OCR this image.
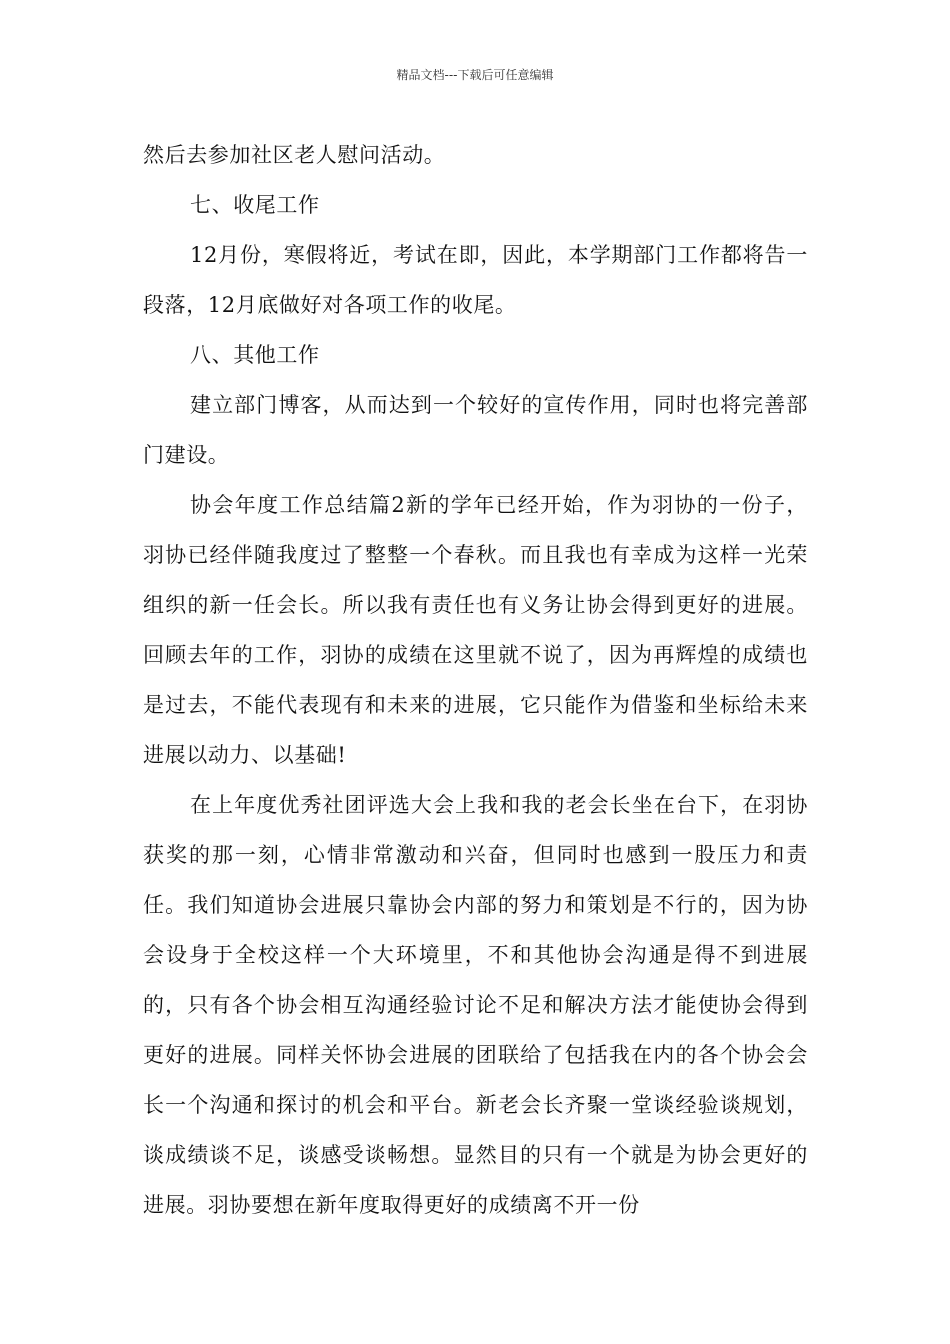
精品文档---下载后可任意编辑

然后去参加社区老人慰问活动。

七、收尾工作

12月份，寒假将近，考试在即，因此，本学期部门工作都将告一段落，12月底做好对各项工作的收尾。

八、其他工作

建立部门博客，从而达到一个较好的宣传作用，同时也将完善部门建设。

协会年度工作总结篇2新的学年已经开始，作为羽协的一份子，羽协已经伴随我度过了整整一个春秋。而且我也有幸成为这样一光荣组织的新一任会长。所以我有责任也有义务让协会得到更好的进展。回顾去年的工作，羽协的成绩在这里就不说了，因为再辉煌的成绩也是过去，不能代表现有和未来的进展，它只能作为借鉴和坐标给未来进展以动力、以基础!

在上年度优秀社团评选大会上我和我的老会长坐在台下，在羽协获奖的那一刻，心情非常激动和兴奋，但同时也感到一股压力和责任。我们知道协会进展只靠协会内部的努力和策划是不行的，因为协会设身于全校这样一个大环境里，不和其他协会沟通是得不到进展的，只有各个协会相互沟通经验讨论不足和解决方法才能使协会得到更好的进展。同样关怀协会进展的团联给了包括我在内的各个协会会长一个沟通和探讨的机会和平台。新老会长齐聚一堂谈经验谈规划，谈成绩谈不足，谈感受谈畅想。显然目的只有一个就是为协会更好的进展。羽协要想在新年度取得更好的成绩离不开一份
